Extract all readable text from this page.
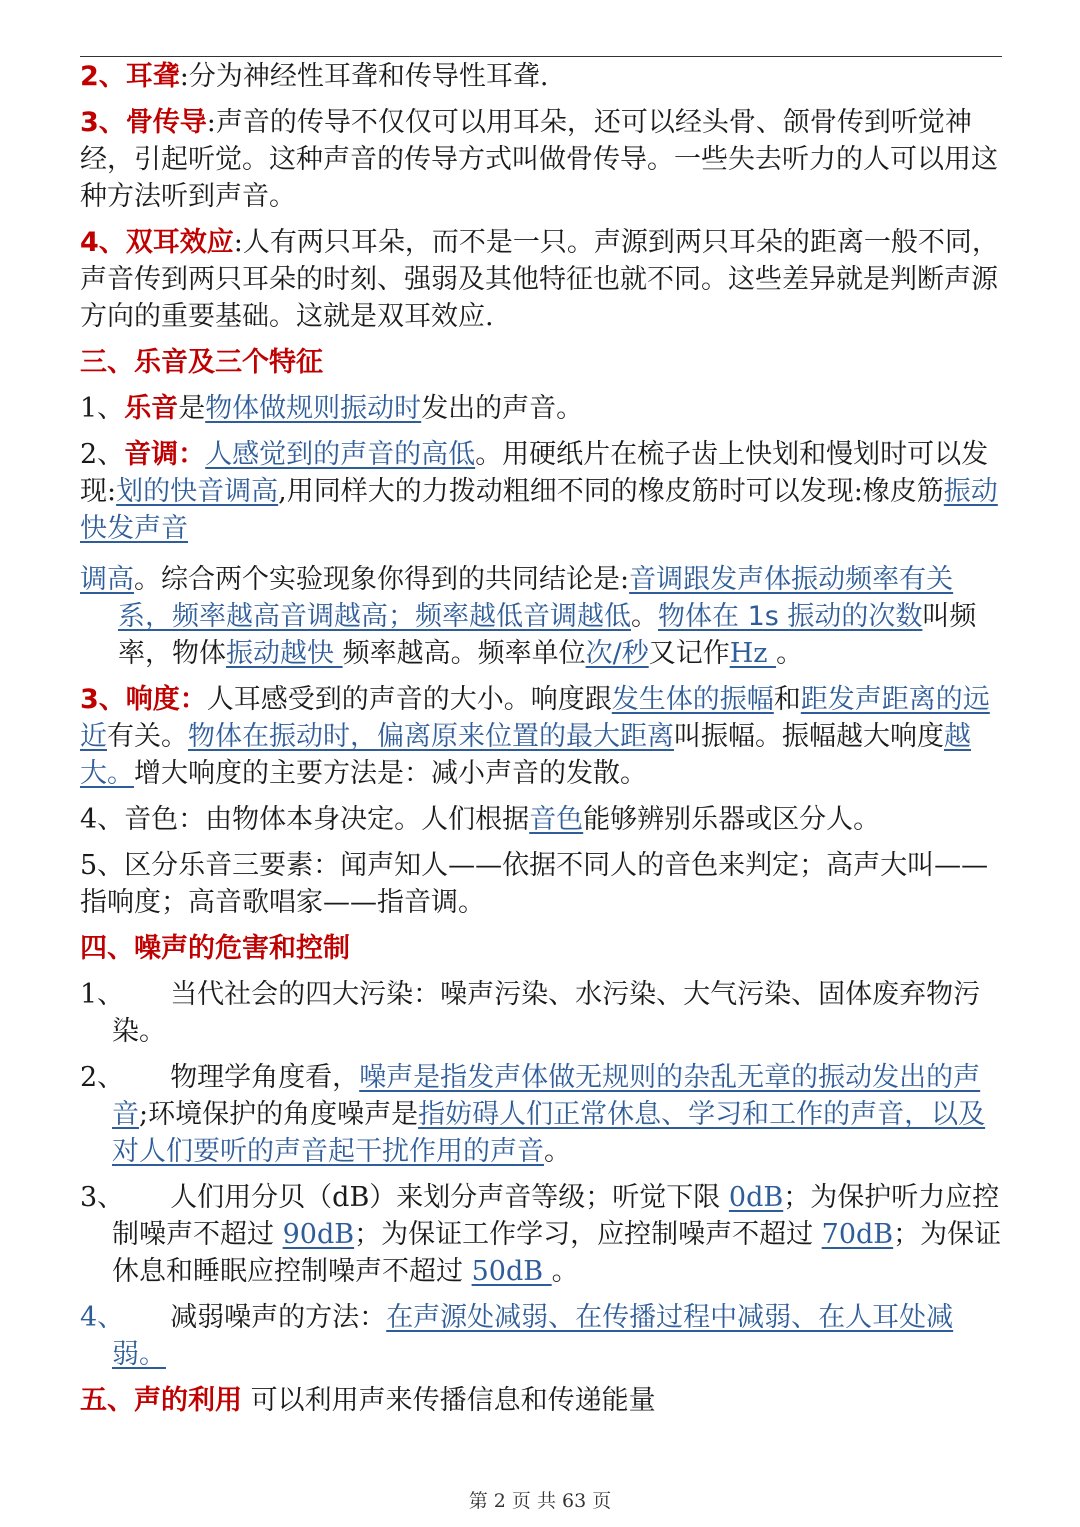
2、耳聋:分为神经性耳聋和传导性耳聋.

3、骨传导:声音的传导不仅仅可以用耳朵，还可以经头骨、颌骨传到听觉神经，引起听觉。这种声音的传导方式叫做骨传导。一些失去听力的人可以用这种方法听到声音。

4、双耳效应:人有两只耳朵，而不是一只。声源到两只耳朵的距离一般不同，声音传到两只耳朵的时刻、强弱及其他特征也就不同。这些差异就是判断声源方向的重要基础。这就是双耳效应.

三、乐音及三个特征

1、乐音是物体做规则振动时发出的声音。

2、音调：人感觉到的声音的高低。用硬纸片在梳子齿上快划和慢划时可以发现:划的快音调高,用同样大的力拨动粗细不同的橡皮筋时可以发现:橡皮筋振动快发声音

调高。综合两个实验现象你得到的共同结论是:音调跟发声体振动频率有关系，频率越高音调越高；频率越低音调越低。物体在 1s 振动的次数叫频率，物体振动越快 频率越高。频率单位次/秒又记作Hz 。

3、响度：人耳感受到的声音的大小。响度跟发生体的振幅和距发声距离的远近有关。物体在振动时，偏离原来位置的最大距离叫振幅。振幅越大响度越大。增大响度的主要方法是：减小声音的发散。

4、音色：由物体本身决定。人们根据音色能够辨别乐器或区分人。

5、区分乐音三要素：闻声知人——依据不同人的音色来判定；高声大叫——指响度；高音歌唱家——指音调。

四、噪声的危害和控制

1、 当代社会的四大污染：噪声污染、水污染、大气污染、固体废弃物污染。

2、 物理学角度看，噪声是指发声体做无规则的杂乱无章的振动发出的声音;环境保护的角度噪声是指妨碍人们正常休息、学习和工作的声音，以及对人们要听的声音起干扰作用的声音。

3、 人们用分贝（dB）来划分声音等级；听觉下限 0dB；为保护听力应控制噪声不超过 90dB；为保证工作学习，应控制噪声不超过 70dB；为保证休息和睡眠应控制噪声不超过 50dB 。

4、 减弱噪声的方法：在声源处减弱、在传播过程中减弱、在人耳处减弱。

五、声的利用 可以利用声来传播信息和传递能量

第 2 页 共 63 页
